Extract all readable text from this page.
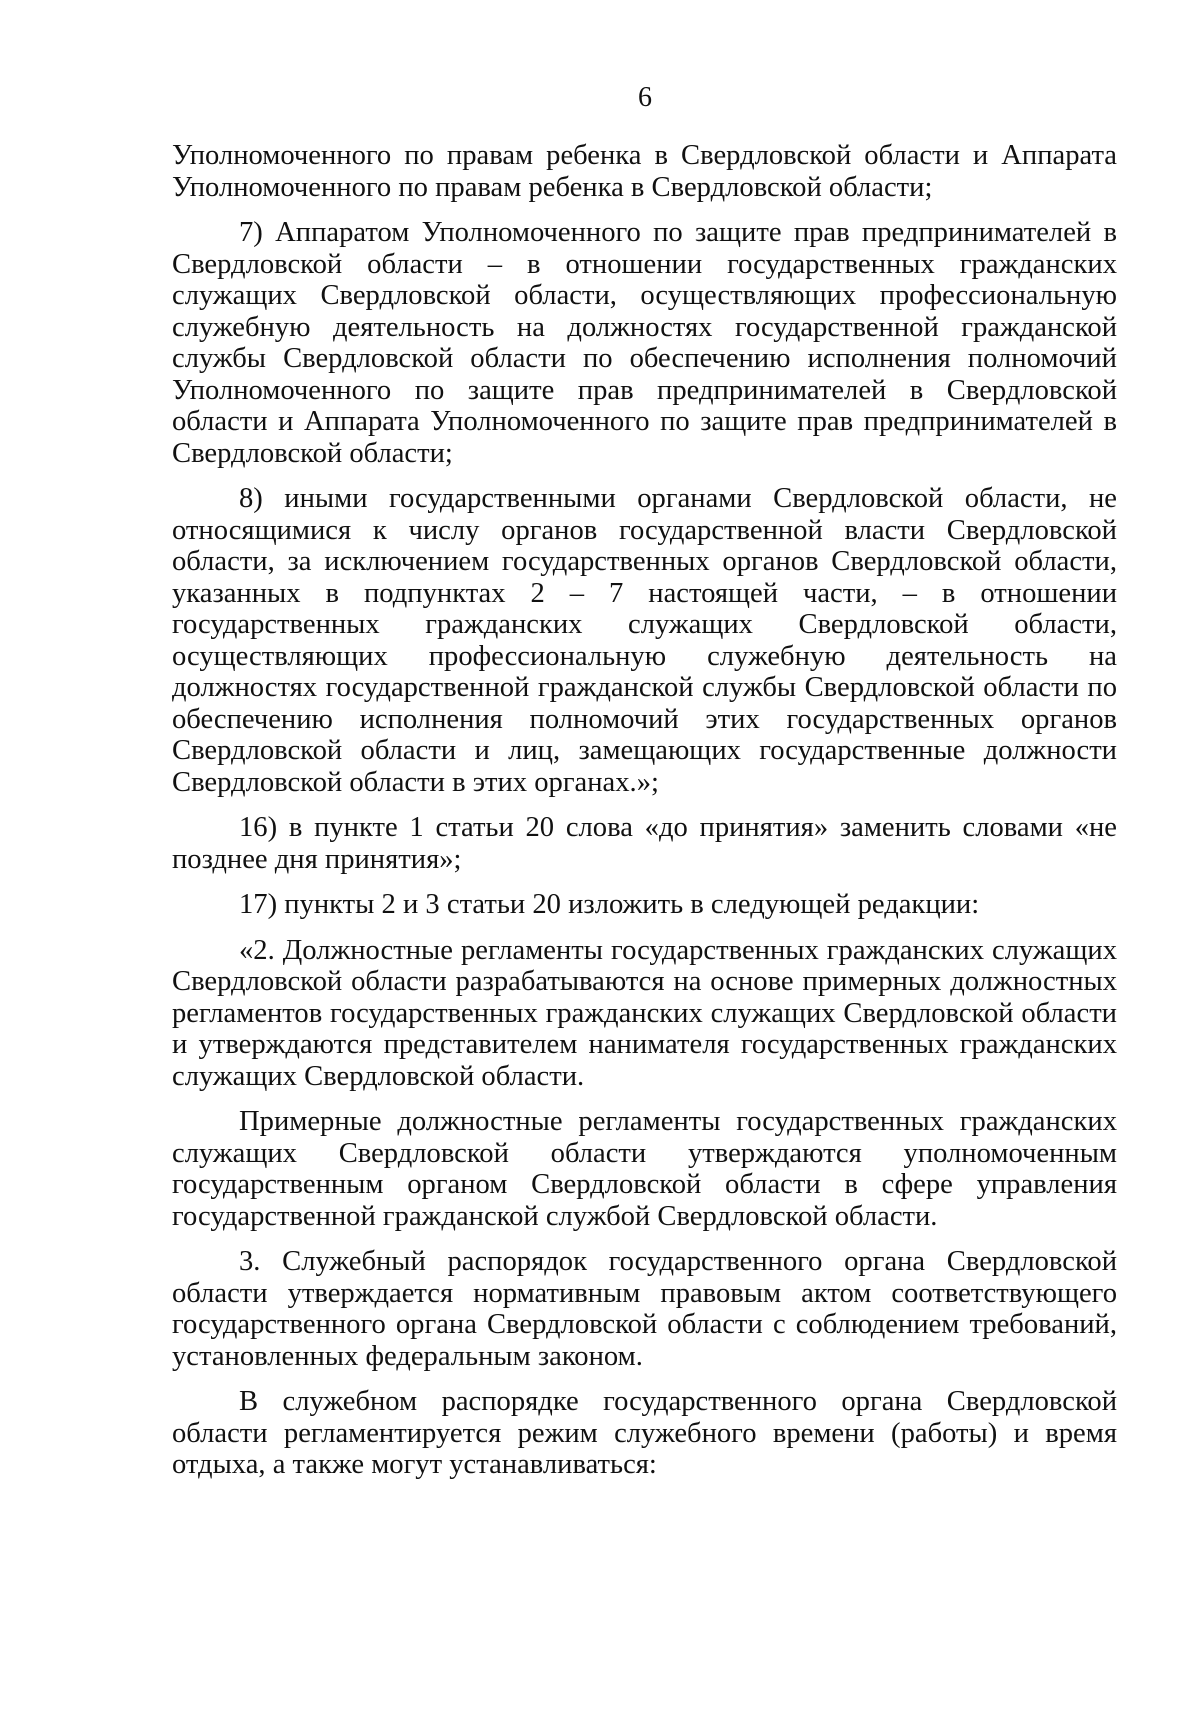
6

Уполномоченного по правам ребенка в Свердловской области и Аппарата Уполномоченного по правам ребенка в Свердловской области;

7) Аппаратом Уполномоченного по защите прав предпринимателей в Свердловской области – в отношении государственных гражданских служащих Свердловской области, осуществляющих профессиональную служебную деятельность на должностях государственной гражданской службы Свердловской области по обеспечению исполнения полномочий Уполномоченного по защите прав предпринимателей в Свердловской области и Аппарата Уполномоченного по защите прав предпринимателей в Свердловской области;

8) иными государственными органами Свердловской области, не относящимися к числу органов государственной власти Свердловской области, за исключением государственных органов Свердловской области, указанных в подпунктах 2 – 7 настоящей части, – в отношении государственных гражданских служащих Свердловской области, осуществляющих профессиональную служебную деятельность на должностях государственной гражданской службы Свердловской области по обеспечению исполнения полномочий этих государственных органов Свердловской области и лиц, замещающих государственные должности Свердловской области в этих органах.»;

16) в пункте 1 статьи 20 слова «до принятия» заменить словами «не позднее дня принятия»;

17) пункты 2 и 3 статьи 20 изложить в следующей редакции:

«2. Должностные регламенты государственных гражданских служащих Свердловской области разрабатываются на основе примерных должностных регламентов государственных гражданских служащих Свердловской области и утверждаются представителем нанимателя государственных гражданских служащих Свердловской области.

Примерные должностные регламенты государственных гражданских служащих Свердловской области утверждаются уполномоченным государственным органом Свердловской области в сфере управления государственной гражданской службой Свердловской области.

3. Служебный распорядок государственного органа Свердловской области утверждается нормативным правовым актом соответствующего государственного органа Свердловской области с соблюдением требований, установленных федеральным законом.

В служебном распорядке государственного органа Свердловской области регламентируется режим служебного времени (работы) и время отдыха, а также могут устанавливаться:
